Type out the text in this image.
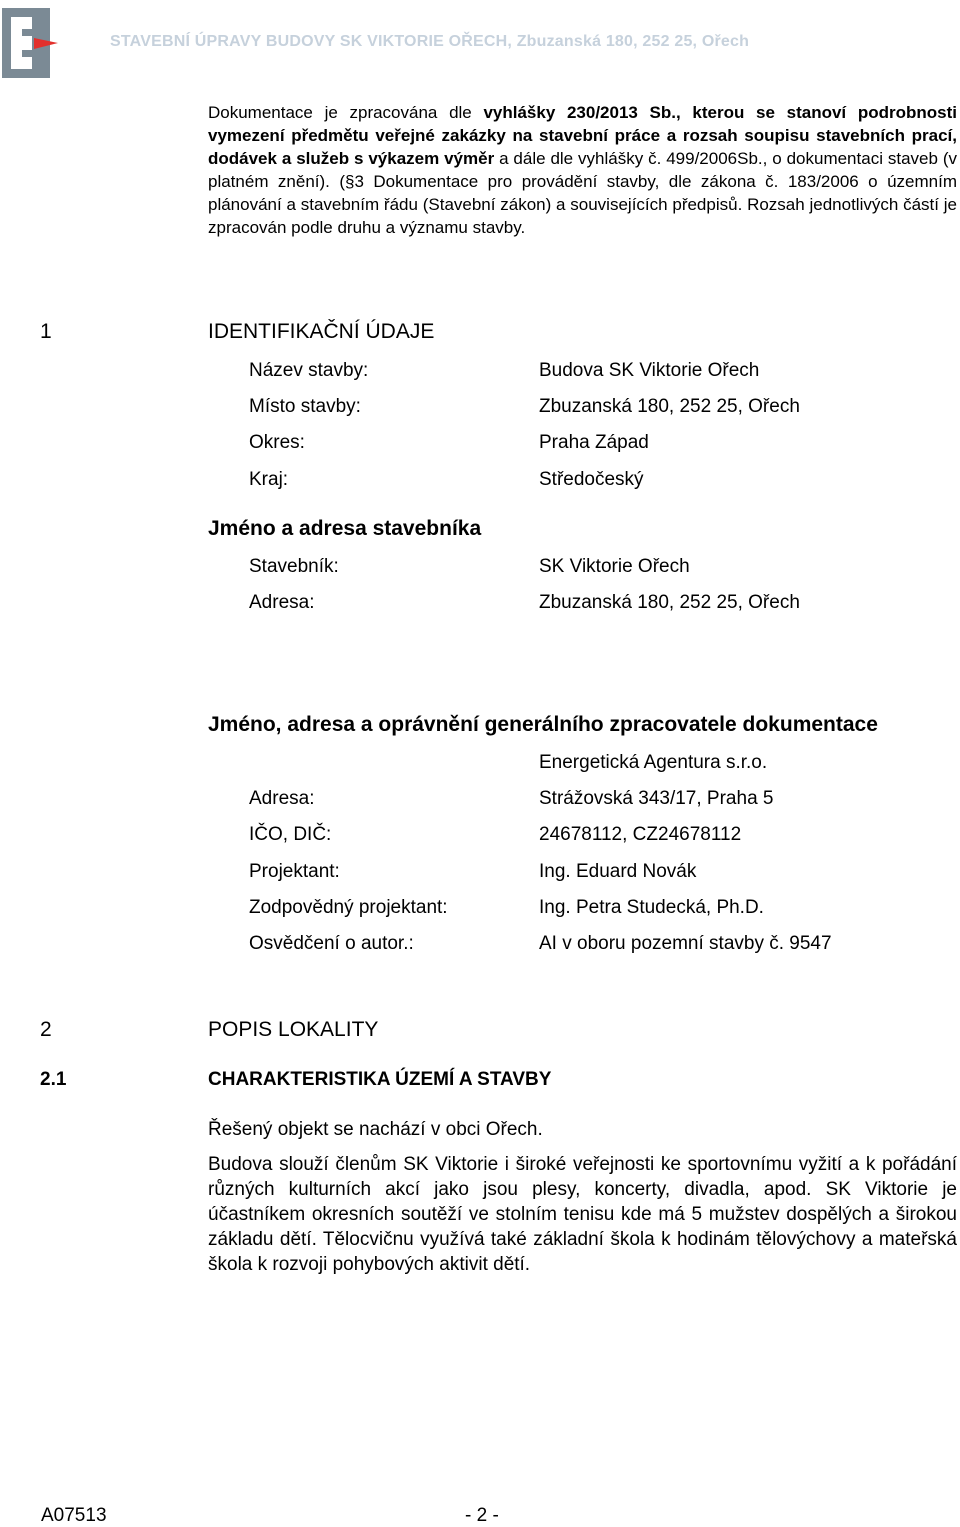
STAVEBNÍ ÚPRAVY BUDOVY SK VIKTORIE OŘECH, Zbuzanská 180, 252 25, Ořech
Dokumentace je zpracována dle vyhlášky 230/2013 Sb., kterou se stanoví podrobnosti vymezení předmětu veřejné zakázky na stavební práce a rozsah soupisu stavebních prací, dodávek a služeb s výkazem výměr a dále dle vyhlášky č. 499/2006Sb., o dokumentaci staveb (v platném znění). (§3 Dokumentace pro provádění stavby, dle zákona č. 183/2006 o územním plánování a stavebním řádu (Stavební zákon) a souvisejících předpisů. Rozsah jednotlivých částí je zpracován podle druhu a významu stavby.
1	IDENTIFIKAČNÍ ÚDAJE
Název stavby:	Budova SK Viktorie Ořech
Místo stavby:	Zbuzanská 180, 252 25, Ořech
Okres:	Praha Západ
Kraj:	Středočeský
Jméno a adresa stavebníka
Stavebník:	SK Viktorie Ořech
Adresa:	Zbuzanská 180, 252 25, Ořech
Jméno, adresa a oprávnění generálního zpracovatele dokumentace
Energetická Agentura s.r.o.
Adresa:	Strážovská 343/17, Praha 5
IČO, DIČ:	24678112, CZ24678112
Projektant:	Ing. Eduard Novák
Zodpovědný projektant:	Ing. Petra Studecká, Ph.D.
Osvědčení o autor.:	AI v oboru pozemní stavby č. 9547
2	POPIS LOKALITY
2.1	CHARAKTERISTIKA ÚZEMÍ A STAVBY
Řešený objekt se nachází v obci Ořech.
Budova slouží členům SK Viktorie i široké veřejnosti ke sportovnímu vyžití a k pořádání různých kulturních akcí jako jsou plesy, koncerty, divadla, apod. SK Viktorie je účastníkem okresních soutěží ve stolním tenisu kde má 5 mužstev dospělých a širokou základu dětí. Tělocvičnu využívá také základní škola k hodinám tělovýchovy a mateřská škola k rozvoji pohybových aktivit dětí.
A07513	- 2 -
